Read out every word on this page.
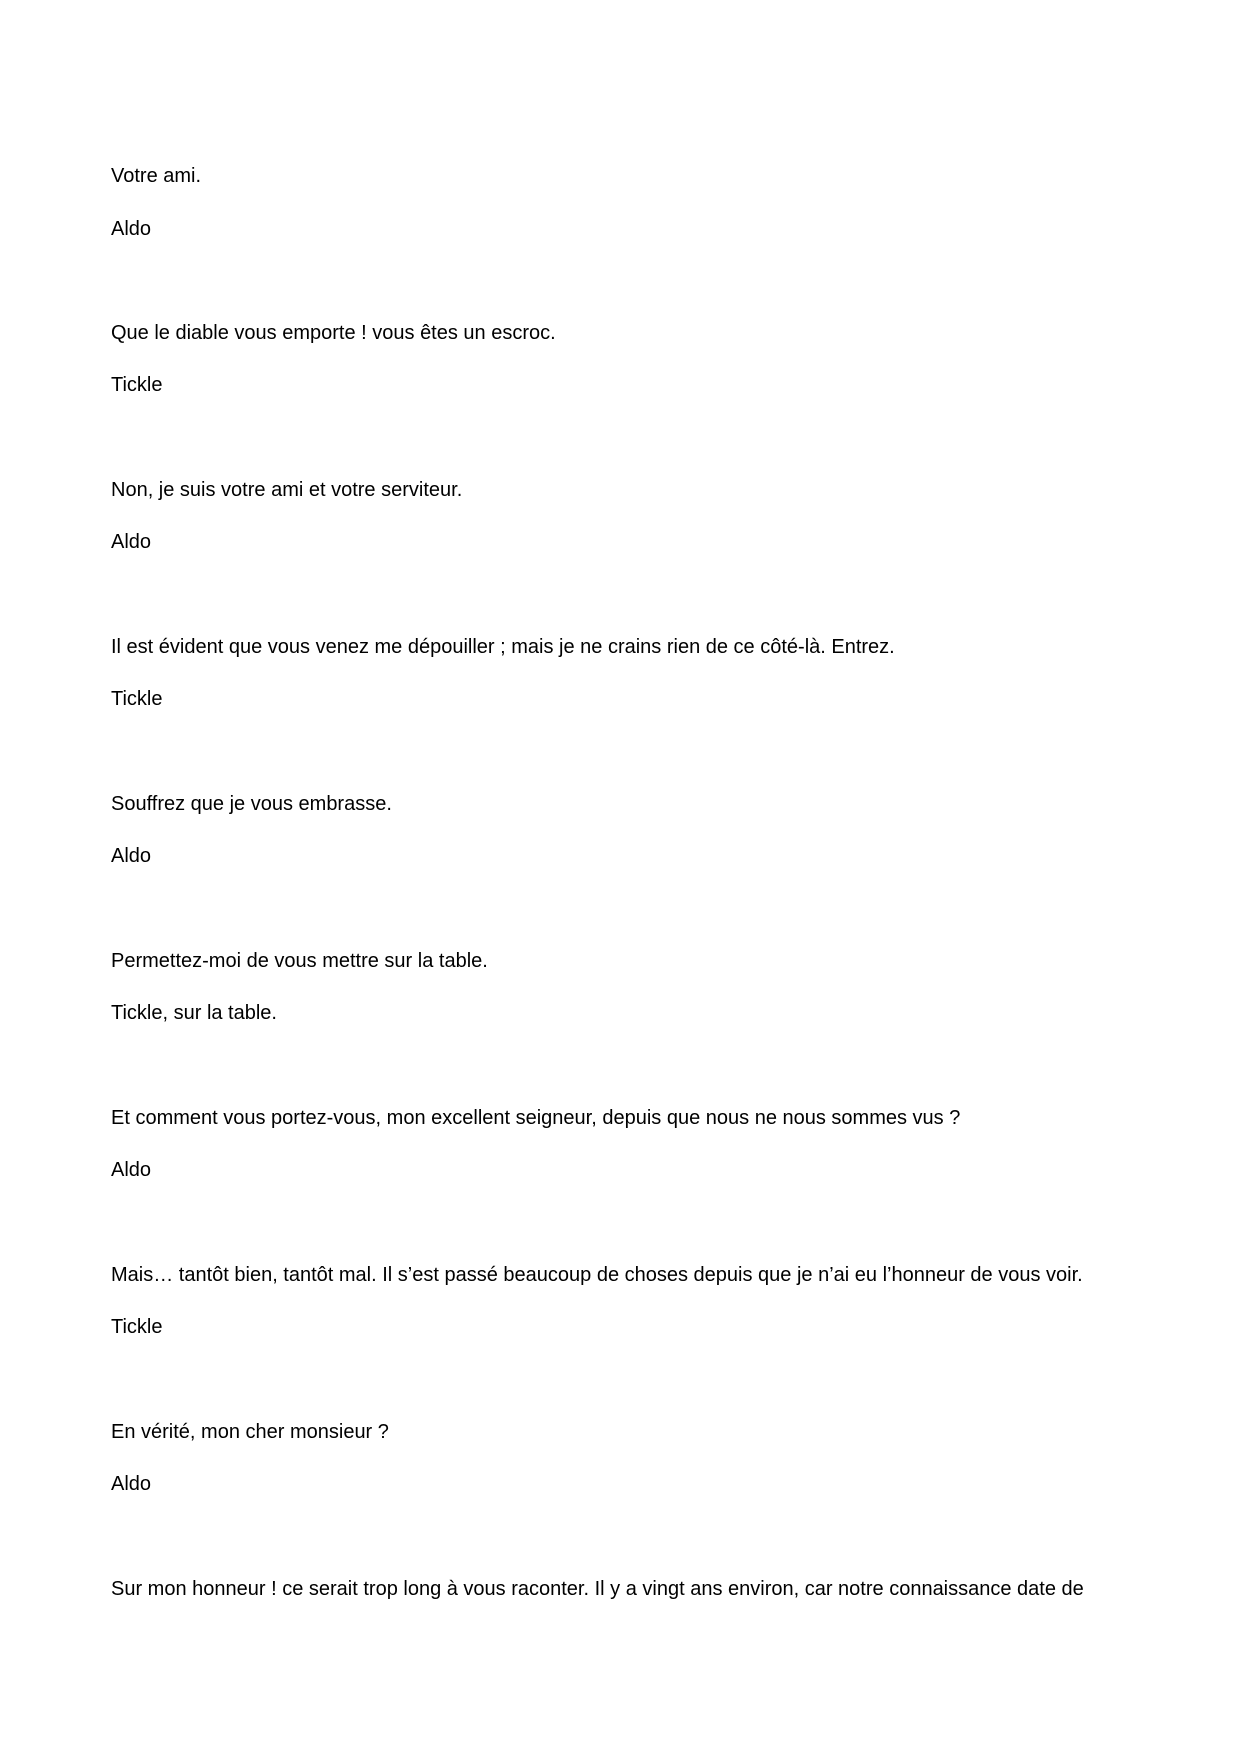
Votre ami.
Aldo
Que le diable vous emporte ! vous êtes un escroc.
Tickle
Non, je suis votre ami et votre serviteur.
Aldo
Il est évident que vous venez me dépouiller ; mais je ne crains rien de ce côté-là. Entrez.
Tickle
Souffrez que je vous embrasse.
Aldo
Permettez-moi de vous mettre sur la table.
Tickle, sur la table.
Et comment vous portez-vous, mon excellent seigneur, depuis que nous ne nous sommes vus ?
Aldo
Mais… tantôt bien, tantôt mal. Il s’est passé beaucoup de choses depuis que je n’ai eu l’honneur de vous voir.
Tickle
En vérité, mon cher monsieur ?
Aldo
Sur mon honneur ! ce serait trop long à vous raconter. Il y a vingt ans environ, car notre connaissance date de
